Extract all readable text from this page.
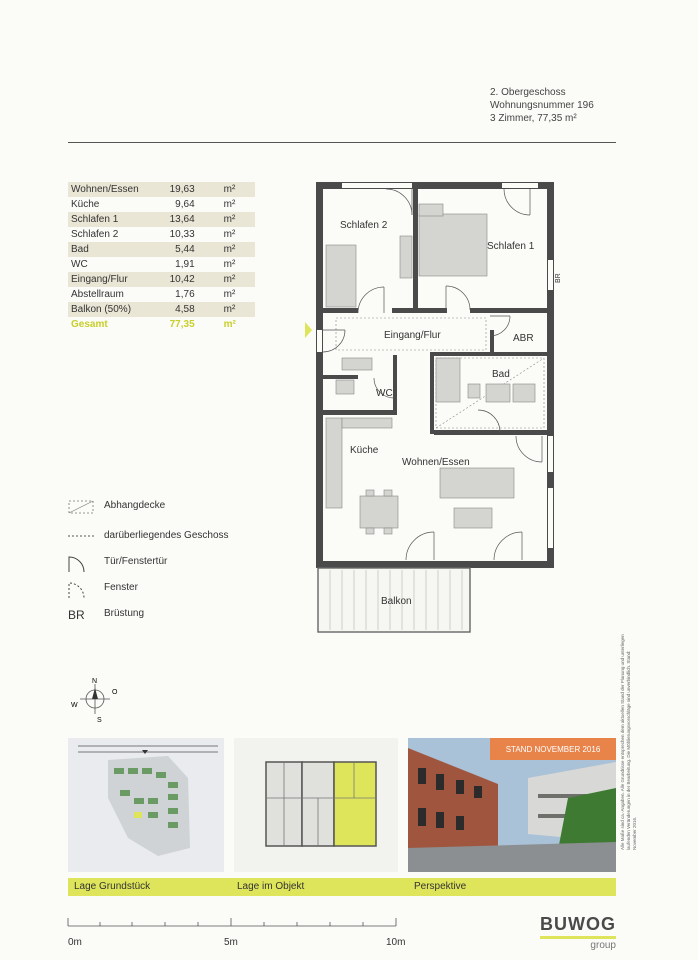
2. Obergeschoss
Wohnungsnummer 196
3 Zimmer, 77,35 m²
Wohnen/Essen	19,63	m²
Küche	9,64	m²
Schlafen 1	13,64	m²
Schlafen 2	10,33	m²
Bad	5,44	m²
WC	1,91	m²
Eingang/Flur	10,42	m²
Abstellraum	1,76	m²
Balkon (50%)	4,58	m²
Gesamt	77,35	m²
Schlafen 2
Schlafen 1
BR
Eingang/Flur	ABR
Bad
WC
Küche
Wohnen/Essen
Balkon
Abhangdecke
darüberliegendes Geschoss
Tür/Fenstertür
Fenster
BR Brüstung
N
O
S
W
STAND NOVEMBER 2016
Lage Grundstück	Lage im Objekt	Perspektive
0m	5m	10m
BUWOG
group
Alle Maße sind ca.-Angaben. Alle Grundrisse entsprechen dem aktuellen Stand der Planung und unterliegen laufenden Veränderungen in der Bearbeitung. Die Möblierungsvorschläge sind unverbindlich. Stand: November 2016.
